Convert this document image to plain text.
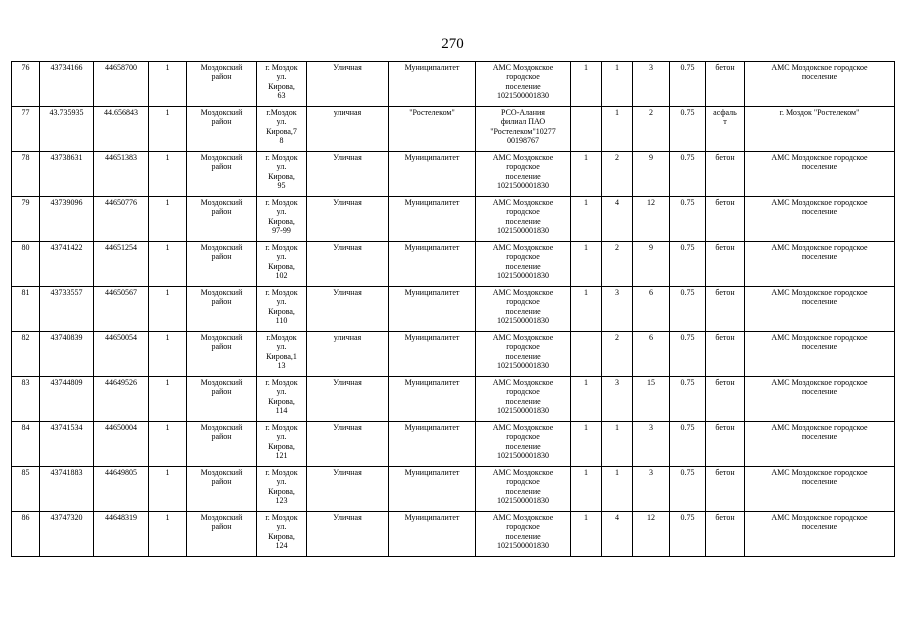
270
76	43734166	44658700	1	Моздокский
район	г. Моздок
ул.
Кирова,
63	Уличная	Муниципалитет	АМС Моздокское
городское
поселение
1021500001830	1	1	3	0.75	бетон	АМС Моздокское городское
поселение
77	43.735935	44.656843	1	Моздокский
район	г.Моздок
ул.
Кирова,7
8	уличная	"Ростелеком"	РСО-Алания
филиал ПАО
"Ростелеком"10277
00198767		1	2	0.75	асфаль
т	г. Моздок "Ростелеком"
78	43738631	44651383	1	Моздокский
район	г. Моздок
ул.
Кирова,
95	Уличная	Муниципалитет	АМС Моздокское
городское
поселение
1021500001830	1	2	9	0.75	бетон	АМС Моздокское городское
поселение
79	43739096	44650776	1	Моздокский
район	г. Моздок
ул.
Кирова,
97-99	Уличная	Муниципалитет	АМС Моздокское
городское
поселение
1021500001830	1	4	12	0.75	бетон	АМС Моздокское городское
поселение
80	43741422	44651254	1	Моздокский
район	г. Моздок
ул.
Кирова,
102	Уличная	Муниципалитет	АМС Моздокское
городское
поселение
1021500001830	1	2	9	0.75	бетон	АМС Моздокское городское
поселение
81	43733557	44650567	1	Моздокский
район	г. Моздок
ул.
Кирова,
110	Уличная	Муниципалитет	АМС Моздокское
городское
поселение
1021500001830	1	3	6	0.75	бетон	АМС Моздокское городское
поселение
82	43740839	44650054	1	Моздокский
район	г.Моздок
ул.
Кирова,1
13	уличная	Муниципалитет	АМС Моздокское
городское
поселение
1021500001830		2	6	0.75	бетон	АМС Моздокское городское
поселение
83	43744809	44649526	1	Моздокский
район	г. Моздок
ул.
Кирова,
114	Уличная	Муниципалитет	АМС Моздокское
городское
поселение
1021500001830	1	3	15	0.75	бетон	АМС Моздокское городское
поселение
84	43741534	44650004	1	Моздокский
район	г. Моздок
ул.
Кирова,
121	Уличная	Муниципалитет	АМС Моздокское
городское
поселение
1021500001830	1	1	3	0.75	бетон	АМС Моздокское городское
поселение
85	43741883	44649805	1	Моздокский
район	г. Моздок
ул.
Кирова,
123	Уличная	Муниципалитет	АМС Моздокское
городское
поселение
1021500001830	1	1	3	0.75	бетон	АМС Моздокское городское
поселение
86	43747320	44648319	1	Моздокский
район	г. Моздок
ул.
Кирова,
124	Уличная	Муниципалитет	АМС Моздокское
городское
поселение
1021500001830	1	4	12	0.75	бетон	АМС Моздокское городское
поселение
